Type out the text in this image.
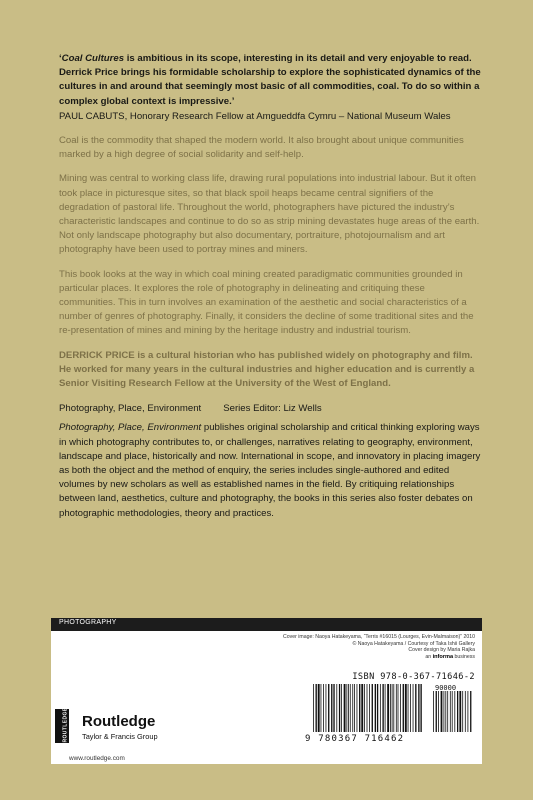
‘Coal Cultures is ambitious in its scope, interesting in its detail and very enjoyable to read. Derrick Price brings his formidable scholarship to explore the sophisticated dynamics of the cultures in and around that seemingly most basic of all commodities, coal. To do so within a complex global context is impressive.’

PAUL CABUTS, Honorary Research Fellow at Amgueddfa Cymru – National Museum Wales

Coal is the commodity that shaped the modern world. It also brought about unique communities marked by a high degree of social solidarity and self-help.

Mining was central to working class life, drawing rural populations into industrial labour. But it often took place in picturesque sites, so that black spoil heaps became central signifiers of the degradation of pastoral life. Throughout the world, photographers have pictured the industry’s characteristic landscapes and continue to do so as strip mining devastates huge areas of the earth. Not only landscape photography but also documentary, portraiture, photojournalism and art photography have been used to portray mines and miners.

This book looks at the way in which coal mining created paradigmatic communities grounded in particular places. It explores the role of photography in delineating and critiquing these communities. This in turn involves an examination of the aesthetic and social characteristics of a number of genres of photography. Finally, it considers the decline of some traditional sites and the re-presentation of mines and mining by the heritage industry and industrial tourism.

DERRICK PRICE is a cultural historian who has published widely on photography and film. He worked for many years in the cultural industries and higher education and is currently a Senior Visiting Research Fellow at the University of the West of England.

Photography, Place, Environment Series Editor: Liz Wells

Photography, Place, Environment publishes original scholarship and critical thinking exploring ways in which photography contributes to, or challenges, narratives relating to geography, environment, landscape and place, historically and now. International in scope, and innovatory in placing imagery as both the object and the method of enquiry, the series includes single-authored and edited volumes by new scholars as well as established names in the field. By critiquing relationships between land, aesthetics, culture and photography, the books in this series also foster debates on photographic methodologies, theory and practices.

PHOTOGRAPHY
Cover image: Naoya Hatakeyama, “Terris #16015 (Lourges, Evin-Malmaison)” 2010
© Naoya Hatakeyama / Courtesy of Taka Ishii Gallery
Cover design by Maria Rajka
an informa business
ISBN 978-0-367-71646-2
90000
9 780367 716462
ROUTLEDGE Routledge
Taylor & Francis Group
www.routledge.com
